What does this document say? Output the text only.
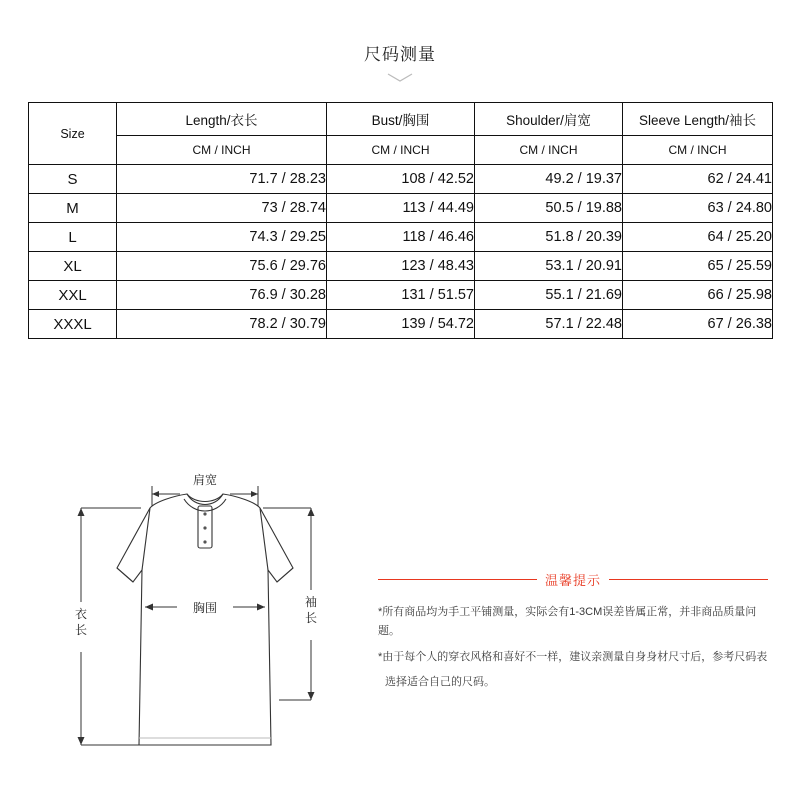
尺码测量
Size	Length/衣长	Bust/胸围	Shoulder/肩宽	Sleeve Length/袖长
	CM / INCH	CM / INCH	CM / INCH	CM / INCH
S	71.7 / 28.23	108 / 42.52	49.2 / 19.37	62 / 24.41
M	73 / 28.74	113 / 44.49	50.5 / 19.88	63 / 24.80
L	74.3 / 29.25	118 / 46.46	51.8 / 20.39	64 / 25.20
XL	75.6 / 29.76	123 / 48.43	53.1 / 20.91	65 / 25.59
XXL	76.9 / 30.28	131 / 51.57	55.1 / 21.69	66 / 25.98
XXXL	78.2 / 30.79	139 / 54.72	57.1 / 22.48	67 / 26.38
肩宽
胸围
衣
长
袖
长
温馨提示
*所有商品均为手工平铺测量，实际会有1-3CM误差皆属正常，并非商品质量问题。
*由于每个人的穿衣风格和喜好不一样，建议亲测量自身身材尺寸后，参考尺码表
选择适合自己的尺码。
